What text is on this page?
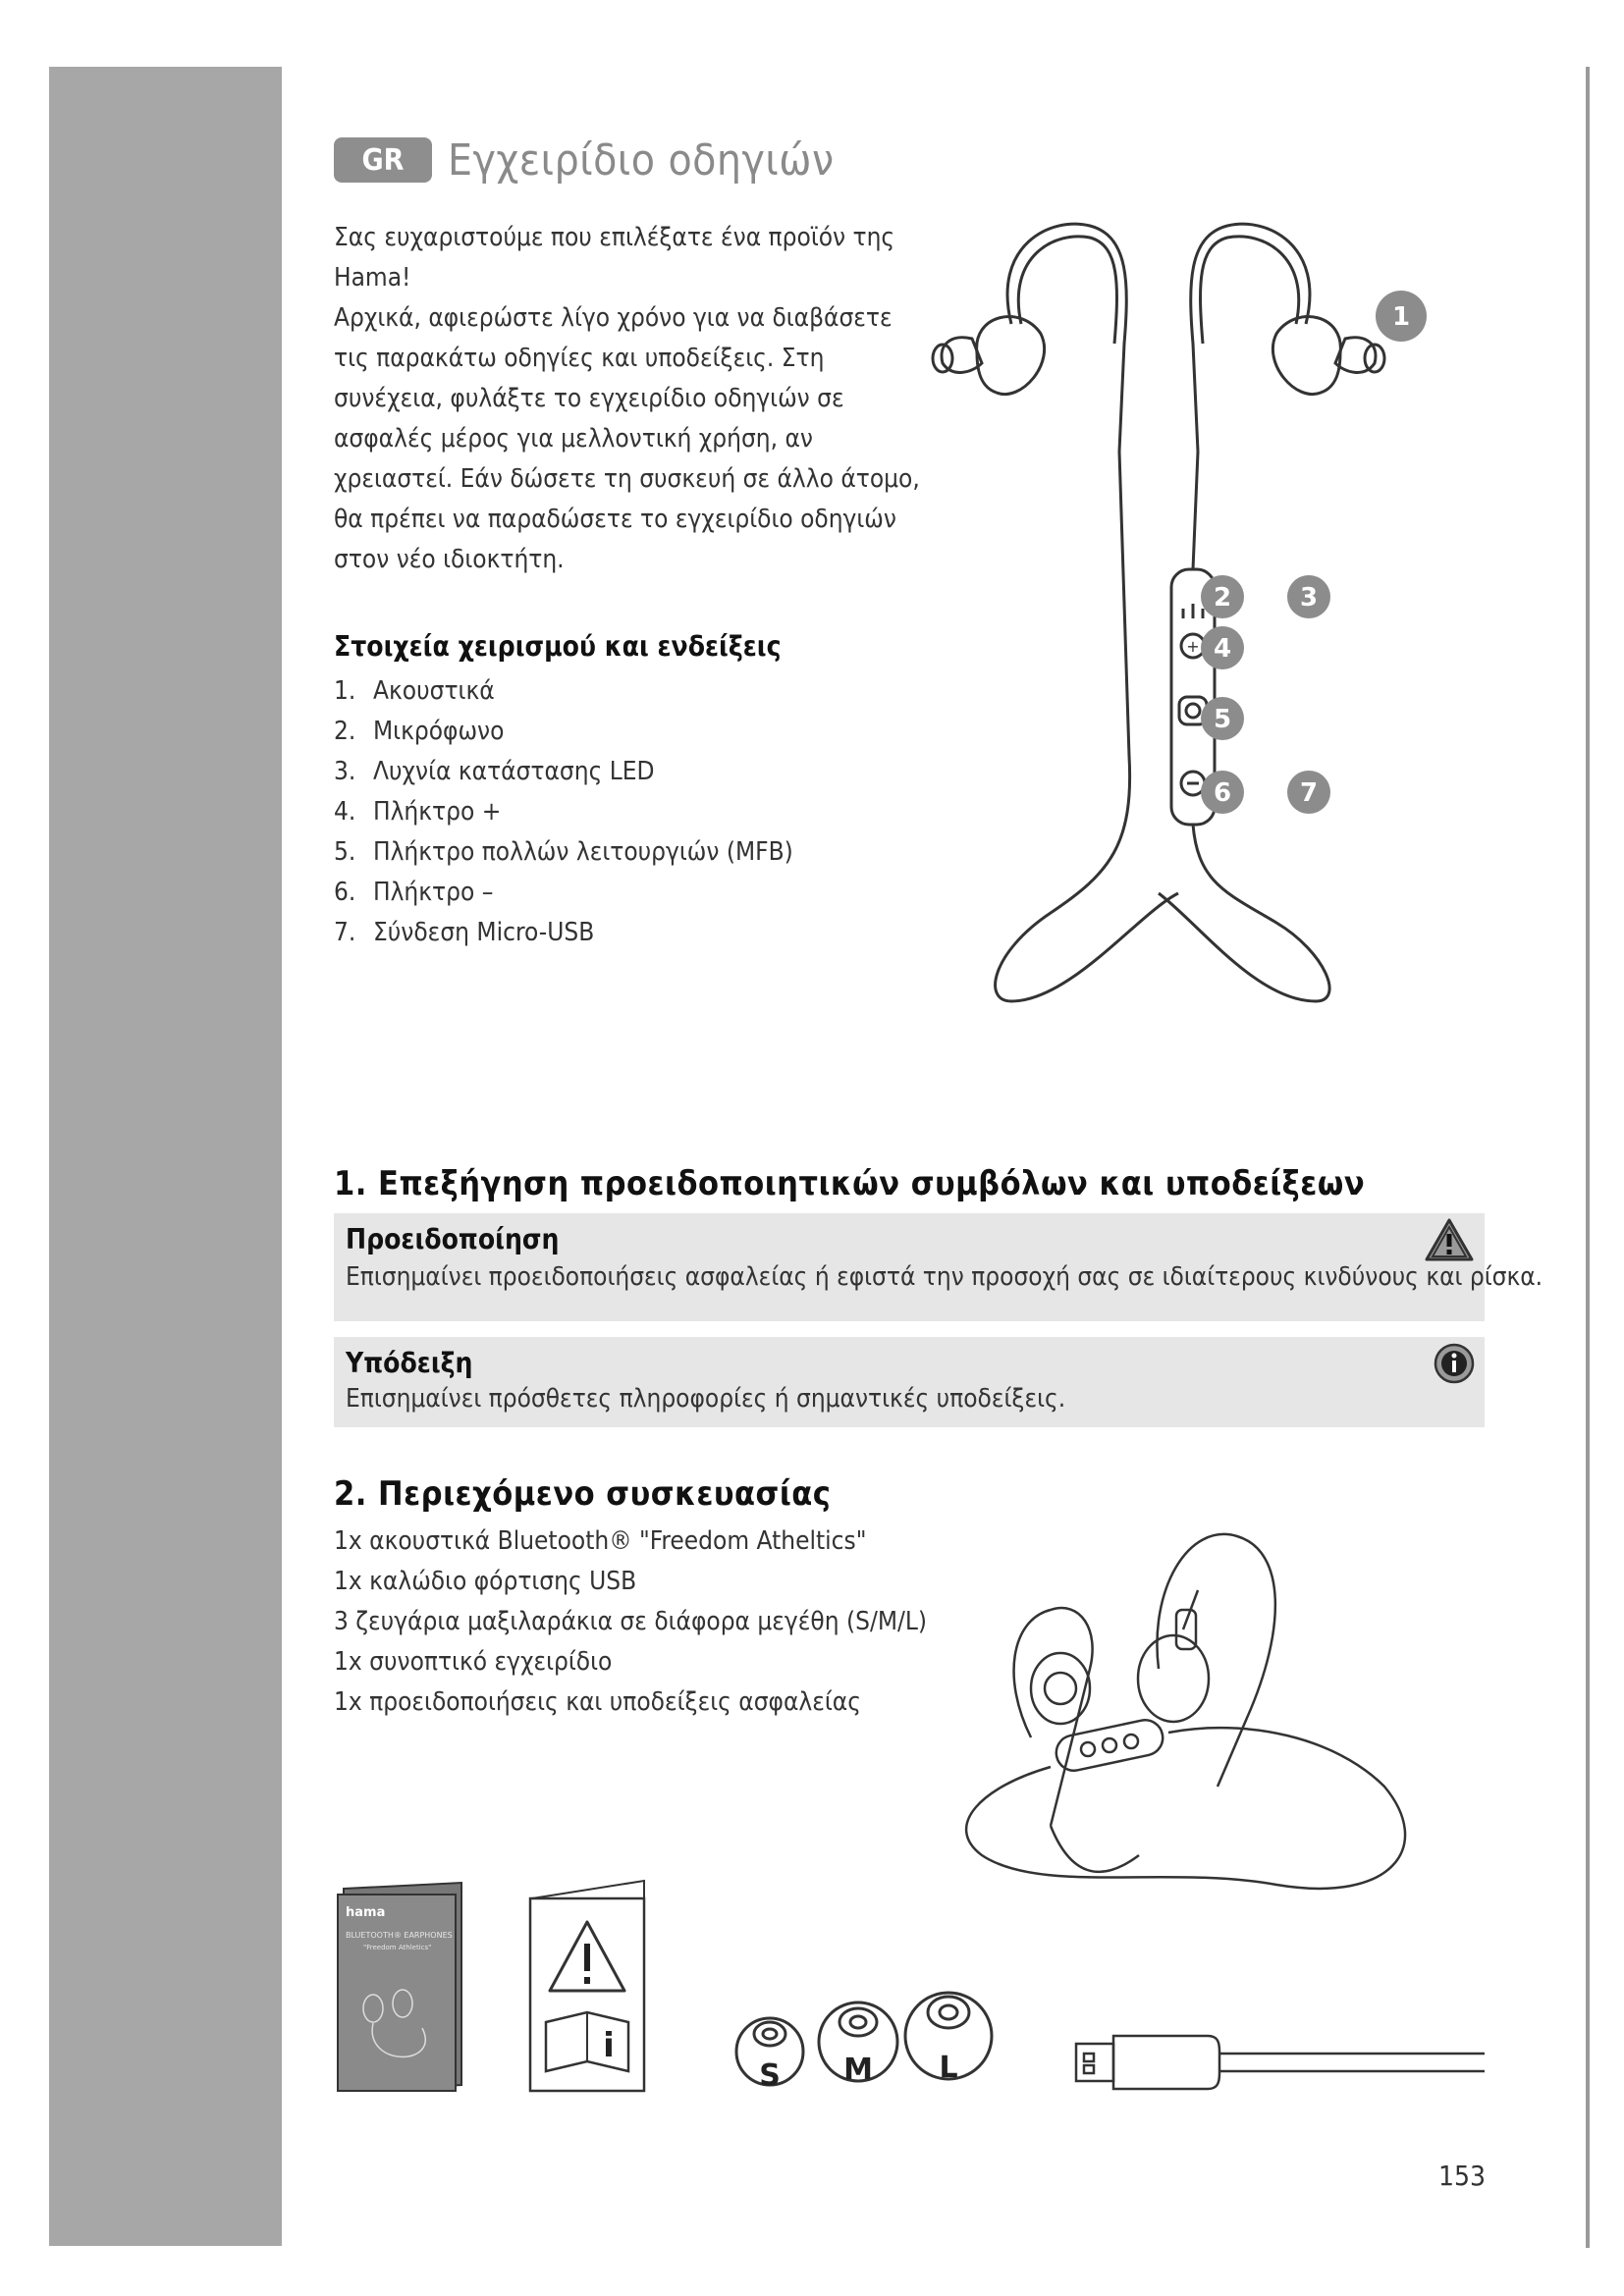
GR	Εγχειρίδιο οδηγιών

Σας ευχαριστούμε που επιλέξατε ένα προϊόν της

Hama!

Αρχικά, αφιερώστε λίγο χρόνο για να διαβάσετε

τις παρακάτω οδηγίες και υποδείξεις. Στη

συνέχεια, φυλάξτε το εγχειρίδιο οδηγιών σε

ασφαλές μέρος για μελλοντική χρήση, αν

χρειαστεί. Εάν δώσετε τη συσκευή σε άλλο άτομο,

θα πρέπει να παραδώσετε το εγχειρίδιο οδηγιών

στον νέο ιδιοκτήτη.

Στοιχεία χειρισμού και ενδείξεις
1. Ακουστικά
2. Μικρόφωνο
3. Λυχνία κατάστασης LED
4. Πλήκτρο +
5. Πλήκτρο πολλών λειτουργιών (MFB)
6. Πλήκτρο –
7. Σύνδεση Micro-USB
+
1
2	3
4
5
6	7
1. Επεξήγηση προειδοποιητικών συμβόλων και υποδείξεων
Προειδοποίηση
Επισημαίνει προειδοποιήσεις ασφαλείας ή εφιστά την προσοχή σας σε ιδιαίτερους κινδύνους και ρίσκα.
Υπόδειξη
Επισημαίνει πρόσθετες πληροφορίες ή σημαντικές υποδείξεις.
2. Περιεχόμενο συσκευασίας
1x ακουστικά Bluetooth® "Freedom Atheltics"
1x καλώδιο φόρτισης USB
3 ζευγάρια μαξιλαράκια σε διάφορα μεγέθη (S/M/L)
1x συνοπτικό εγχειρίδιο
1x προειδοποιήσεις και υποδείξεις ασφαλείας
hama
BLUETOOTH® EARPHONES
"Freedom Athletics"
i
S M L
153
